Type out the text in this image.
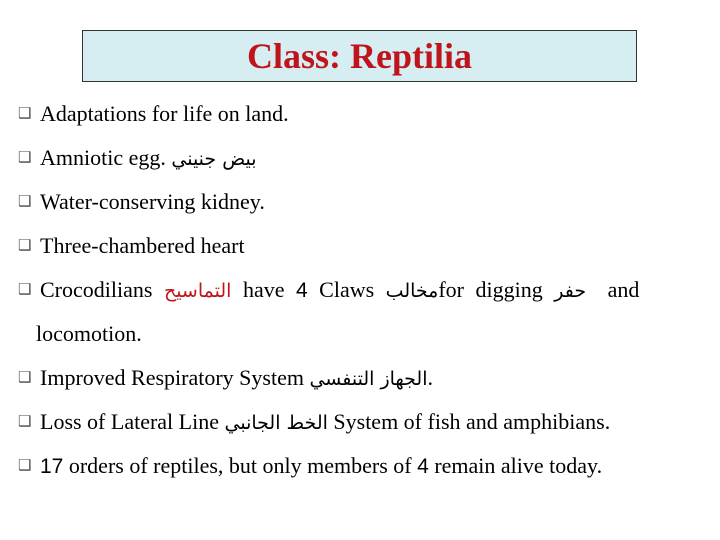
Class: Reptilia
❑ Adaptations for life on land.
❑ Amniotic egg. بيض جنيني
❑ Water-conserving kidney.
❑ Three-chambered heart
❑ Crocodilians التماسيح have 4 Claws مخالبfor digging حفر and
locomotion.
❑ Improved Respiratory System الجهاز التنفسي.
❑ Loss of Lateral Line الخط الجانبي System of fish and amphibians.
❑ 17 orders of reptiles, but only members of 4 remain alive today.
